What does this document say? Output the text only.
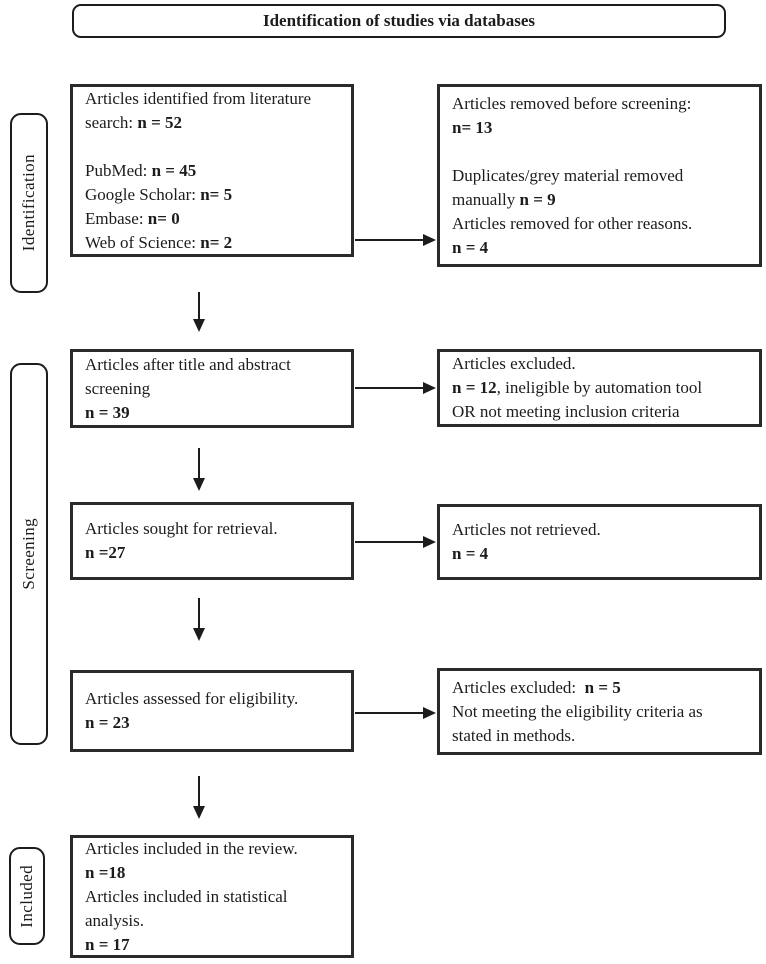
Identification of studies via databases
Identification
Screening
Included
Articles identified from literature
search: n = 52

PubMed: n = 45
Google Scholar: n= 5
Embase: n= 0
Web of Science: n= 2
Articles after title and abstract
screening
n = 39
Articles sought for retrieval.
n =27
Articles assessed for eligibility.
n = 23
Articles included in the review.
n =18
Articles included in statistical
analysis.
n = 17
Articles removed before screening:
n= 13

Duplicates/grey material removed
manually n = 9
Articles removed for other reasons.
n = 4
Articles excluded.
n = 12, ineligible by automation tool
OR not meeting inclusion criteria
Articles not retrieved.
n = 4
Articles excluded:  n = 5
Not meeting the eligibility criteria as
stated in methods.
